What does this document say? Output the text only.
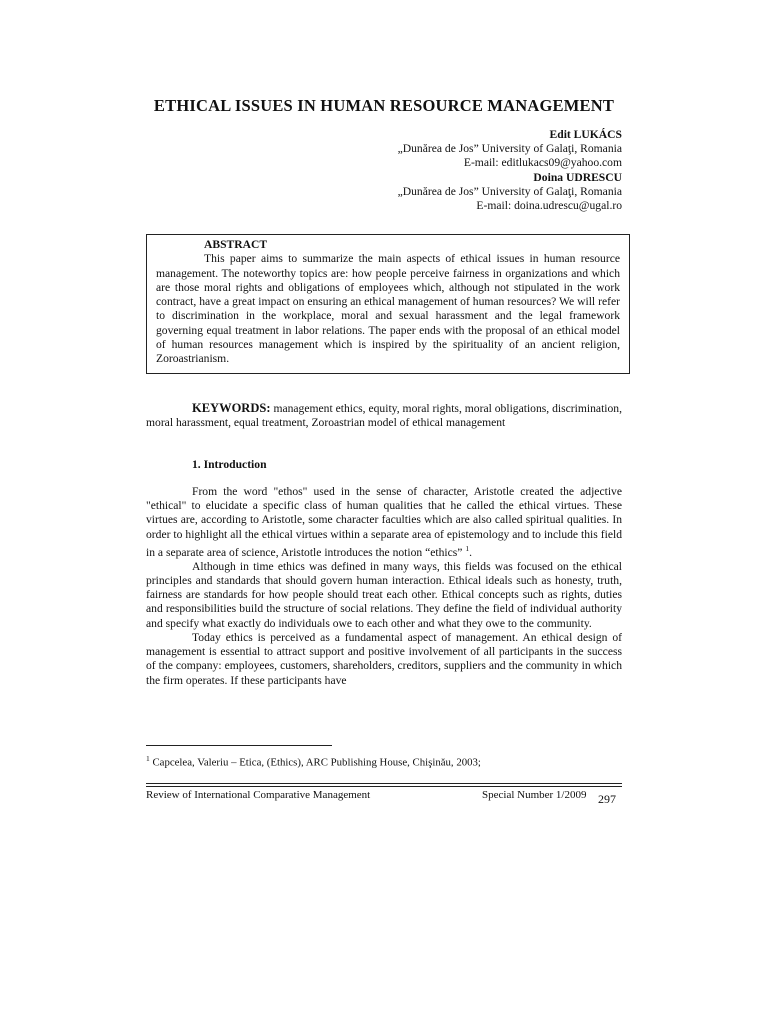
ETHICAL ISSUES IN HUMAN RESOURCE MANAGEMENT
Edit LUKÁCS
„Dunărea de Jos” University of Galaţi, Romania
E-mail: editlukacs09@yahoo.com
Doina UDRESCU
„Dunărea de Jos” University of Galaţi, Romania
E-mail: doina.udrescu@ugal.ro
ABSTRACT
This paper aims to summarize the main aspects of ethical issues in human resource management. The noteworthy topics are: how people perceive fairness in organizations and which are those moral rights and obligations of employees which, although not stipulated in the work contract, have a great impact on ensuring an ethical management of human resources? We will refer to discrimination in the workplace, moral and sexual harassment and the legal framework governing equal treatment in labor relations. The paper ends with the proposal of an ethical model of human resources management which is inspired by the spirituality of an ancient religion, Zoroastrianism.
KEYWORDS: management ethics, equity, moral rights, moral obligations, discrimination, moral harassment, equal treatment, Zoroastrian model of ethical management
1. Introduction

From the word "ethos" used in the sense of character, Aristotle created the adjective "ethical" to elucidate a specific class of human qualities that he called the ethical virtues. These virtues are, according to Aristotle, some character faculties which are also called spiritual qualities. In order to highlight all the ethical virtues within a separate area of epistemology and to include this field in a separate area of science, Aristotle introduces the notion “ethics” $^1$.

Although in time ethics was defined in many ways, this fields was focused on the ethical principles and standards that should govern human interaction. Ethical ideals such as honesty, truth, fairness are standards for how people should treat each other. Ethical concepts such as rights, duties and responsibilities build the structure of social relations. They define the field of individual authority and specify what exactly do individuals owe to each other and what they owe to the community.

Today ethics is perceived as a fundamental aspect of management. An ethical design of management is essential to attract support and positive involvement of all participants in the success of the company: employees, customers, shareholders, creditors, suppliers and the community in which the firm operates. If these participants have

$^1$ Capcelea, Valeriu – Etica, (Ethics), ARC Publishing House, Chişinău, 2003;
Review of International Comparative Management	Special Number 1/2009 297
